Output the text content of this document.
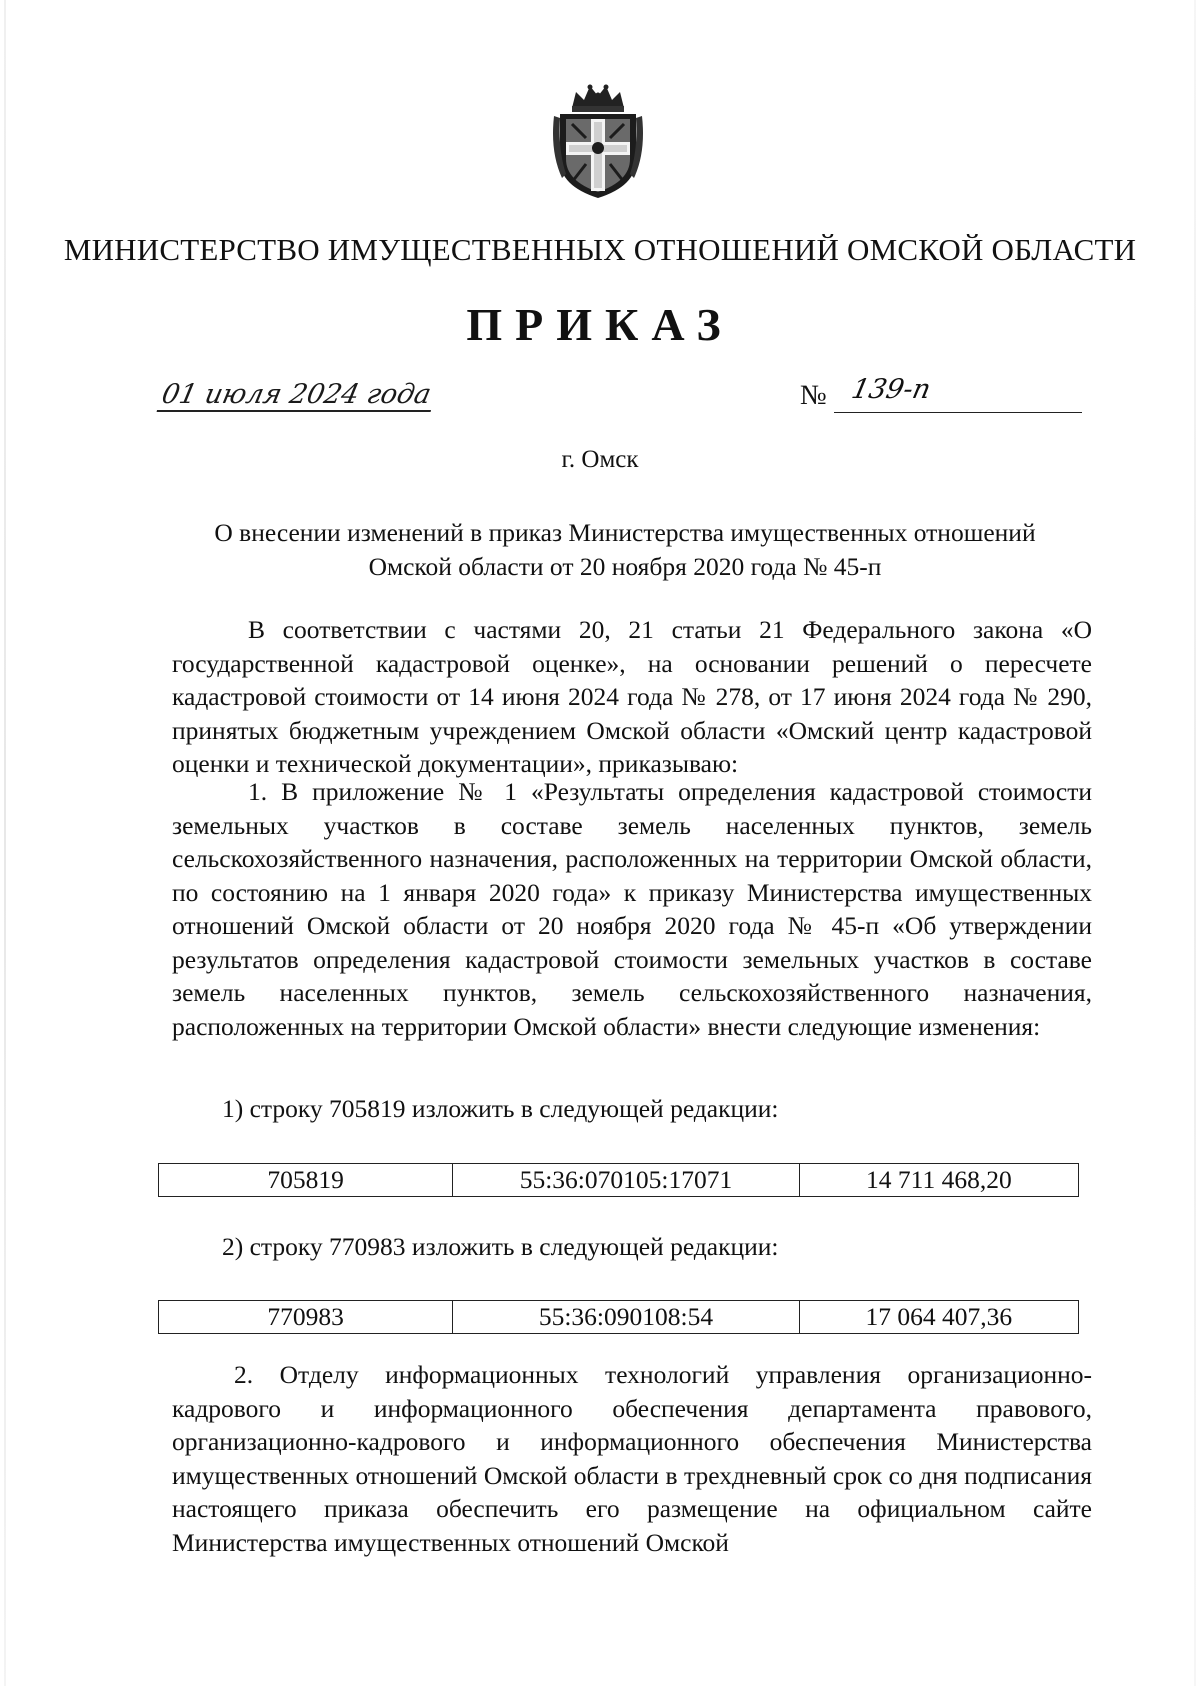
МИНИСТЕРСТВО ИМУЩЕСТВЕННЫХ ОТНОШЕНИЙ ОМСКОЙ ОБЛАСТИ
ПРИКАЗ
01 июля 2024 года	№ 139-п
г. Омск
О внесении изменений в приказ Министерства имущественных отношений
Омской области от 20 ноября 2020 года № 45-п
В соответствии с частями 20, 21 статьи 21 Федерального закона «О государственной кадастровой оценке», на основании решений о пересчете кадастровой стоимости от 14 июня 2024 года № 278, от 17 июня 2024 года № 290, принятых бюджетным учреждением Омской области «Омский центр кадастровой оценки и технической документации», приказываю:
1. В приложение № 1 «Результаты определения кадастровой стоимости земельных участков в составе земель населенных пунктов, земель сельскохозяйственного назначения, расположенных на территории Омской области, по состоянию на 1 января 2020 года» к приказу Министерства имущественных отношений Омской области от 20 ноября 2020 года № 45-п «Об утверждении результатов определения кадастровой стоимости земельных участков в составе земель населенных пунктов, земель сельскохозяйственного назначения, расположенных на территории Омской области» внести следующие изменения:
1) строку 705819 изложить в следующей редакции:
705819	55:36:070105:17071	14 711 468,20
2) строку 770983 изложить в следующей редакции:
770983	55:36:090108:54	17 064 407,36
2. Отделу информационных технологий управления организационно-кадрового и информационного обеспечения департамента правового, организационно-кадрового и информационного обеспечения Министерства имущественных отношений Омской области в трехдневный срок со дня подписания настоящего приказа обеспечить его размещение на официальном сайте Министерства имущественных отношений Омской
